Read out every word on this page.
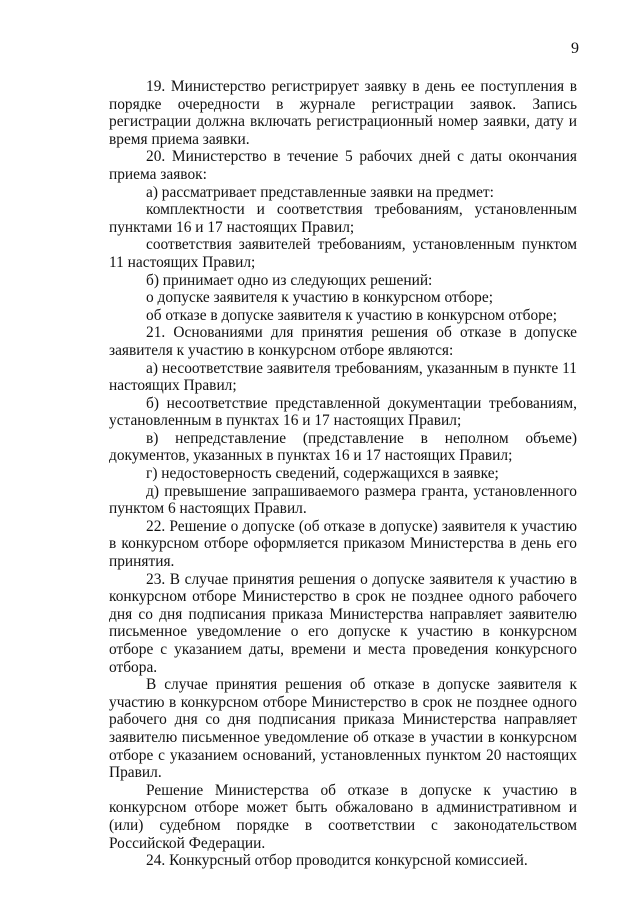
9

19. Министерство регистрирует заявку в день ее поступления в порядке очередности в журнале регистрации заявок. Запись регистрации должна включать регистрационный номер заявки, дату и время приема заявки.

20. Министерство в течение 5 рабочих дней с даты окончания приема заявок:

а) рассматривает представленные заявки на предмет:

комплектности и соответствия требованиям, установленным пунктами 16 и 17 настоящих Правил;

соответствия заявителей требованиям, установленным пунктом 11 настоящих Правил;

б) принимает одно из следующих решений:

о допуске заявителя к участию в конкурсном отборе;

об отказе в допуске заявителя к участию в конкурсном отборе;

21. Основаниями для принятия решения об отказе в допуске заявителя к участию в конкурсном отборе являются:

а) несоответствие заявителя требованиям, указанным в пункте 11 настоящих Правил;

б) несоответствие представленной документации требованиям, установленным в пунктах 16 и 17 настоящих Правил;

в) непредставление (представление в неполном объеме) документов, указанных в пунктах 16 и 17 настоящих Правил;

г) недостоверность сведений, содержащихся в заявке;

д) превышение запрашиваемого размера гранта, установленного пунктом 6 настоящих Правил.

22. Решение о допуске (об отказе в допуске) заявителя к участию в конкурсном отборе оформляется приказом Министерства в день его принятия.

23. В случае принятия решения о допуске заявителя к участию в конкурсном отборе Министерство в срок не позднее одного рабочего дня со дня подписания приказа Министерства направляет заявителю письменное уведомление о его допуске к участию в конкурсном отборе с указанием даты, времени и места проведения конкурсного отбора.

В случае принятия решения об отказе в допуске заявителя к участию в конкурсном отборе Министерство в срок не позднее одного рабочего дня со дня подписания приказа Министерства направляет заявителю письменное уведомление об отказе в участии в конкурсном отборе с указанием оснований, установленных пунктом 20 настоящих Правил.

Решение Министерства об отказе в допуске к участию в конкурсном отборе может быть обжаловано в административном и (или) судебном порядке в соответствии с законодательством Российской Федерации.

24. Конкурсный отбор проводится конкурсной комиссией.
